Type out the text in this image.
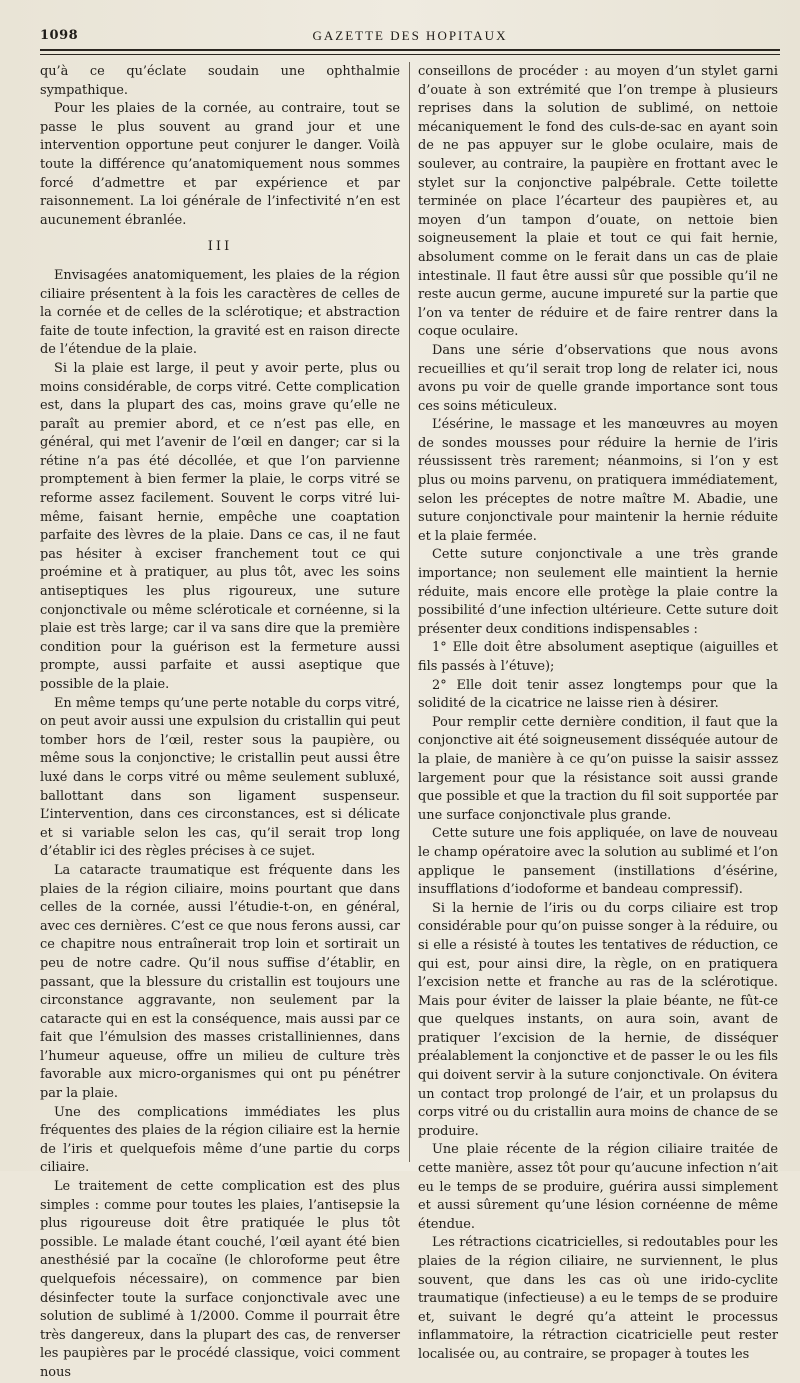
1098	GAZETTE DES HOPITAUX

qu’à ce qu’éclate soudain une ophthalmie sympathique.

Pour les plaies de la cornée, au contraire, tout se passe le plus souvent au grand jour et une intervention opportune peut conjurer le danger. Voilà toute la différence qu’anatomiquement nous sommes forcé d’admettre et par expérience et par raisonnement. La loi générale de l’infectivité n’en est aucunement ébranlée.

III

Envisagées anatomiquement, les plaies de la région ciliaire présentent à la fois les caractères de celles de la cornée et de celles de la sclérotique; et abstraction faite de toute infection, la gravité est en raison directe de l’étendue de la plaie.

Si la plaie est large, il peut y avoir perte, plus ou moins considérable, de corps vitré. Cette complication est, dans la plupart des cas, moins grave qu’elle ne paraît au premier abord, et ce n’est pas elle, en général, qui met l’avenir de l’œil en danger; car si la rétine n’a pas été décollée, et que l’on parvienne promptement à bien fermer la plaie, le corps vitré se reforme assez facilement. Souvent le corps vitré lui-même, faisant hernie, empêche une coaptation parfaite des lèvres de la plaie. Dans ce cas, il ne faut pas hésiter à exciser franchement tout ce qui proémine et à pratiquer, au plus tôt, avec les soins antiseptiques les plus rigoureux, une suture conjonctivale ou même scléroticale et cornéenne, si la plaie est très large; car il va sans dire que la première condition pour la guérison est la fermeture aussi prompte, aussi parfaite et aussi aseptique que possible de la plaie.

En même temps qu’une perte notable du corps vitré, on peut avoir aussi une expulsion du cristallin qui peut tomber hors de l’œil, rester sous la paupière, ou même sous la conjonctive; le cristallin peut aussi être luxé dans le corps vitré ou même seulement subluxé, ballottant dans son ligament suspenseur. L’intervention, dans ces circonstances, est si délicate et si variable selon les cas, qu’il serait trop long d’établir ici des règles précises à ce sujet.

La cataracte traumatique est fréquente dans les plaies de la région ciliaire, moins pourtant que dans celles de la cornée, aussi l’étudie-t-on, en général, avec ces dernières. C’est ce que nous ferons aussi, car ce chapitre nous entraînerait trop loin et sortirait un peu de notre cadre. Qu’il nous suffise d’établir, en passant, que la blessure du cristallin est toujours une circonstance aggravante, non seulement par la cataracte qui en est la conséquence, mais aussi par ce fait que l’émulsion des masses cristalliniennes, dans l’humeur aqueuse, offre un milieu de culture très favorable aux micro-organismes qui ont pu pénétrer par la plaie.

Une des complications immédiates les plus fréquentes des plaies de la région ciliaire est la hernie de l’iris et quelquefois même d’une partie du corps ciliaire.

Le traitement de cette complication est des plus simples : comme pour toutes les plaies, l’antisepsie la plus rigoureuse doit être pratiquée le plus tôt possible. Le malade étant couché, l’œil ayant été bien anesthésié par la cocaïne (le chloroforme peut être quelquefois nécessaire), on commence par bien désinfecter toute la surface conjonctivale avec une solution de sublimé à 1/2000. Comme il pourrait être très dangereux, dans la plupart des cas, de renverser les paupières par le procédé classique, voici comment nous

conseillons de procéder : au moyen d’un stylet garni d’ouate à son extrémité que l’on trempe à plusieurs reprises dans la solution de sublimé, on nettoie mécaniquement le fond des culs-de-sac en ayant soin de ne pas appuyer sur le globe oculaire, mais de soulever, au contraire, la paupière en frottant avec le stylet sur la conjonctive palpébrale. Cette toilette terminée on place l’écarteur des paupières et, au moyen d’un tampon d’ouate, on nettoie bien soigneusement la plaie et tout ce qui fait hernie, absolument comme on le ferait dans un cas de plaie intestinale. Il faut être aussi sûr que possible qu’il ne reste aucun germe, aucune impureté sur la partie que l’on va tenter de réduire et de faire rentrer dans la coque oculaire.

Dans une série d’observations que nous avons recueillies et qu’il serait trop long de relater ici, nous avons pu voir de quelle grande importance sont tous ces soins méticuleux.

L’ésérine, le massage et les manœuvres au moyen de sondes mousses pour réduire la hernie de l’iris réussissent très rarement; néanmoins, si l’on y est plus ou moins parvenu, on pratiquera immédiatement, selon les préceptes de notre maître M. Abadie, une suture conjonctivale pour maintenir la hernie réduite et la plaie fermée.

Cette suture conjonctivale a une très grande importance; non seulement elle maintient la hernie réduite, mais encore elle protège la plaie contre la possibilité d’une infection ultérieure. Cette suture doit présenter deux conditions indispensables :

1° Elle doit être absolument aseptique (aiguilles et fils passés à l’étuve);

2° Elle doit tenir assez longtemps pour que la solidité de la cicatrice ne laisse rien à désirer.

Pour remplir cette dernière condition, il faut que la conjonctive ait été soigneusement disséquée autour de la plaie, de manière à ce qu’on puisse la saisir asssez largement pour que la résistance soit aussi grande que possible et que la traction du fil soit supportée par une surface conjonctivale plus grande.

Cette suture une fois appliquée, on lave de nouveau le champ opératoire avec la solution au sublimé et l’on applique le pansement (instillations d’ésérine, insufflations d’iodoforme et bandeau compressif).

Si la hernie de l’iris ou du corps ciliaire est trop considérable pour qu’on puisse songer à la réduire, ou si elle a résisté à toutes les tentatives de réduction, ce qui est, pour ainsi dire, la règle, on en pratiquera l’excision nette et franche au ras de la sclérotique. Mais pour éviter de laisser la plaie béante, ne fût-ce que quelques instants, on aura soin, avant de pratiquer l’excision de la hernie, de disséquer préalablement la conjonctive et de passer le ou les fils qui doivent servir à la suture conjonctivale. On évitera un contact trop prolongé de l’air, et un prolapsus du corps vitré ou du cristallin aura moins de chance de se produire.

Une plaie récente de la région ciliaire traitée de cette manière, assez tôt pour qu’aucune infection n’ait eu le temps de se produire, guérira aussi simplement et aussi sûrement qu’une lésion cornéenne de même étendue.

Les rétractions cicatricielles, si redoutables pour les plaies de la région ciliaire, ne surviennent, le plus souvent, que dans les cas où une irido-cyclite traumatique (infectieuse) a eu le temps de se produire et, suivant le degré qu’a atteint le processus inflammatoire, la rétraction cicatricielle peut rester localisée ou, au contraire, se propager à toutes les
